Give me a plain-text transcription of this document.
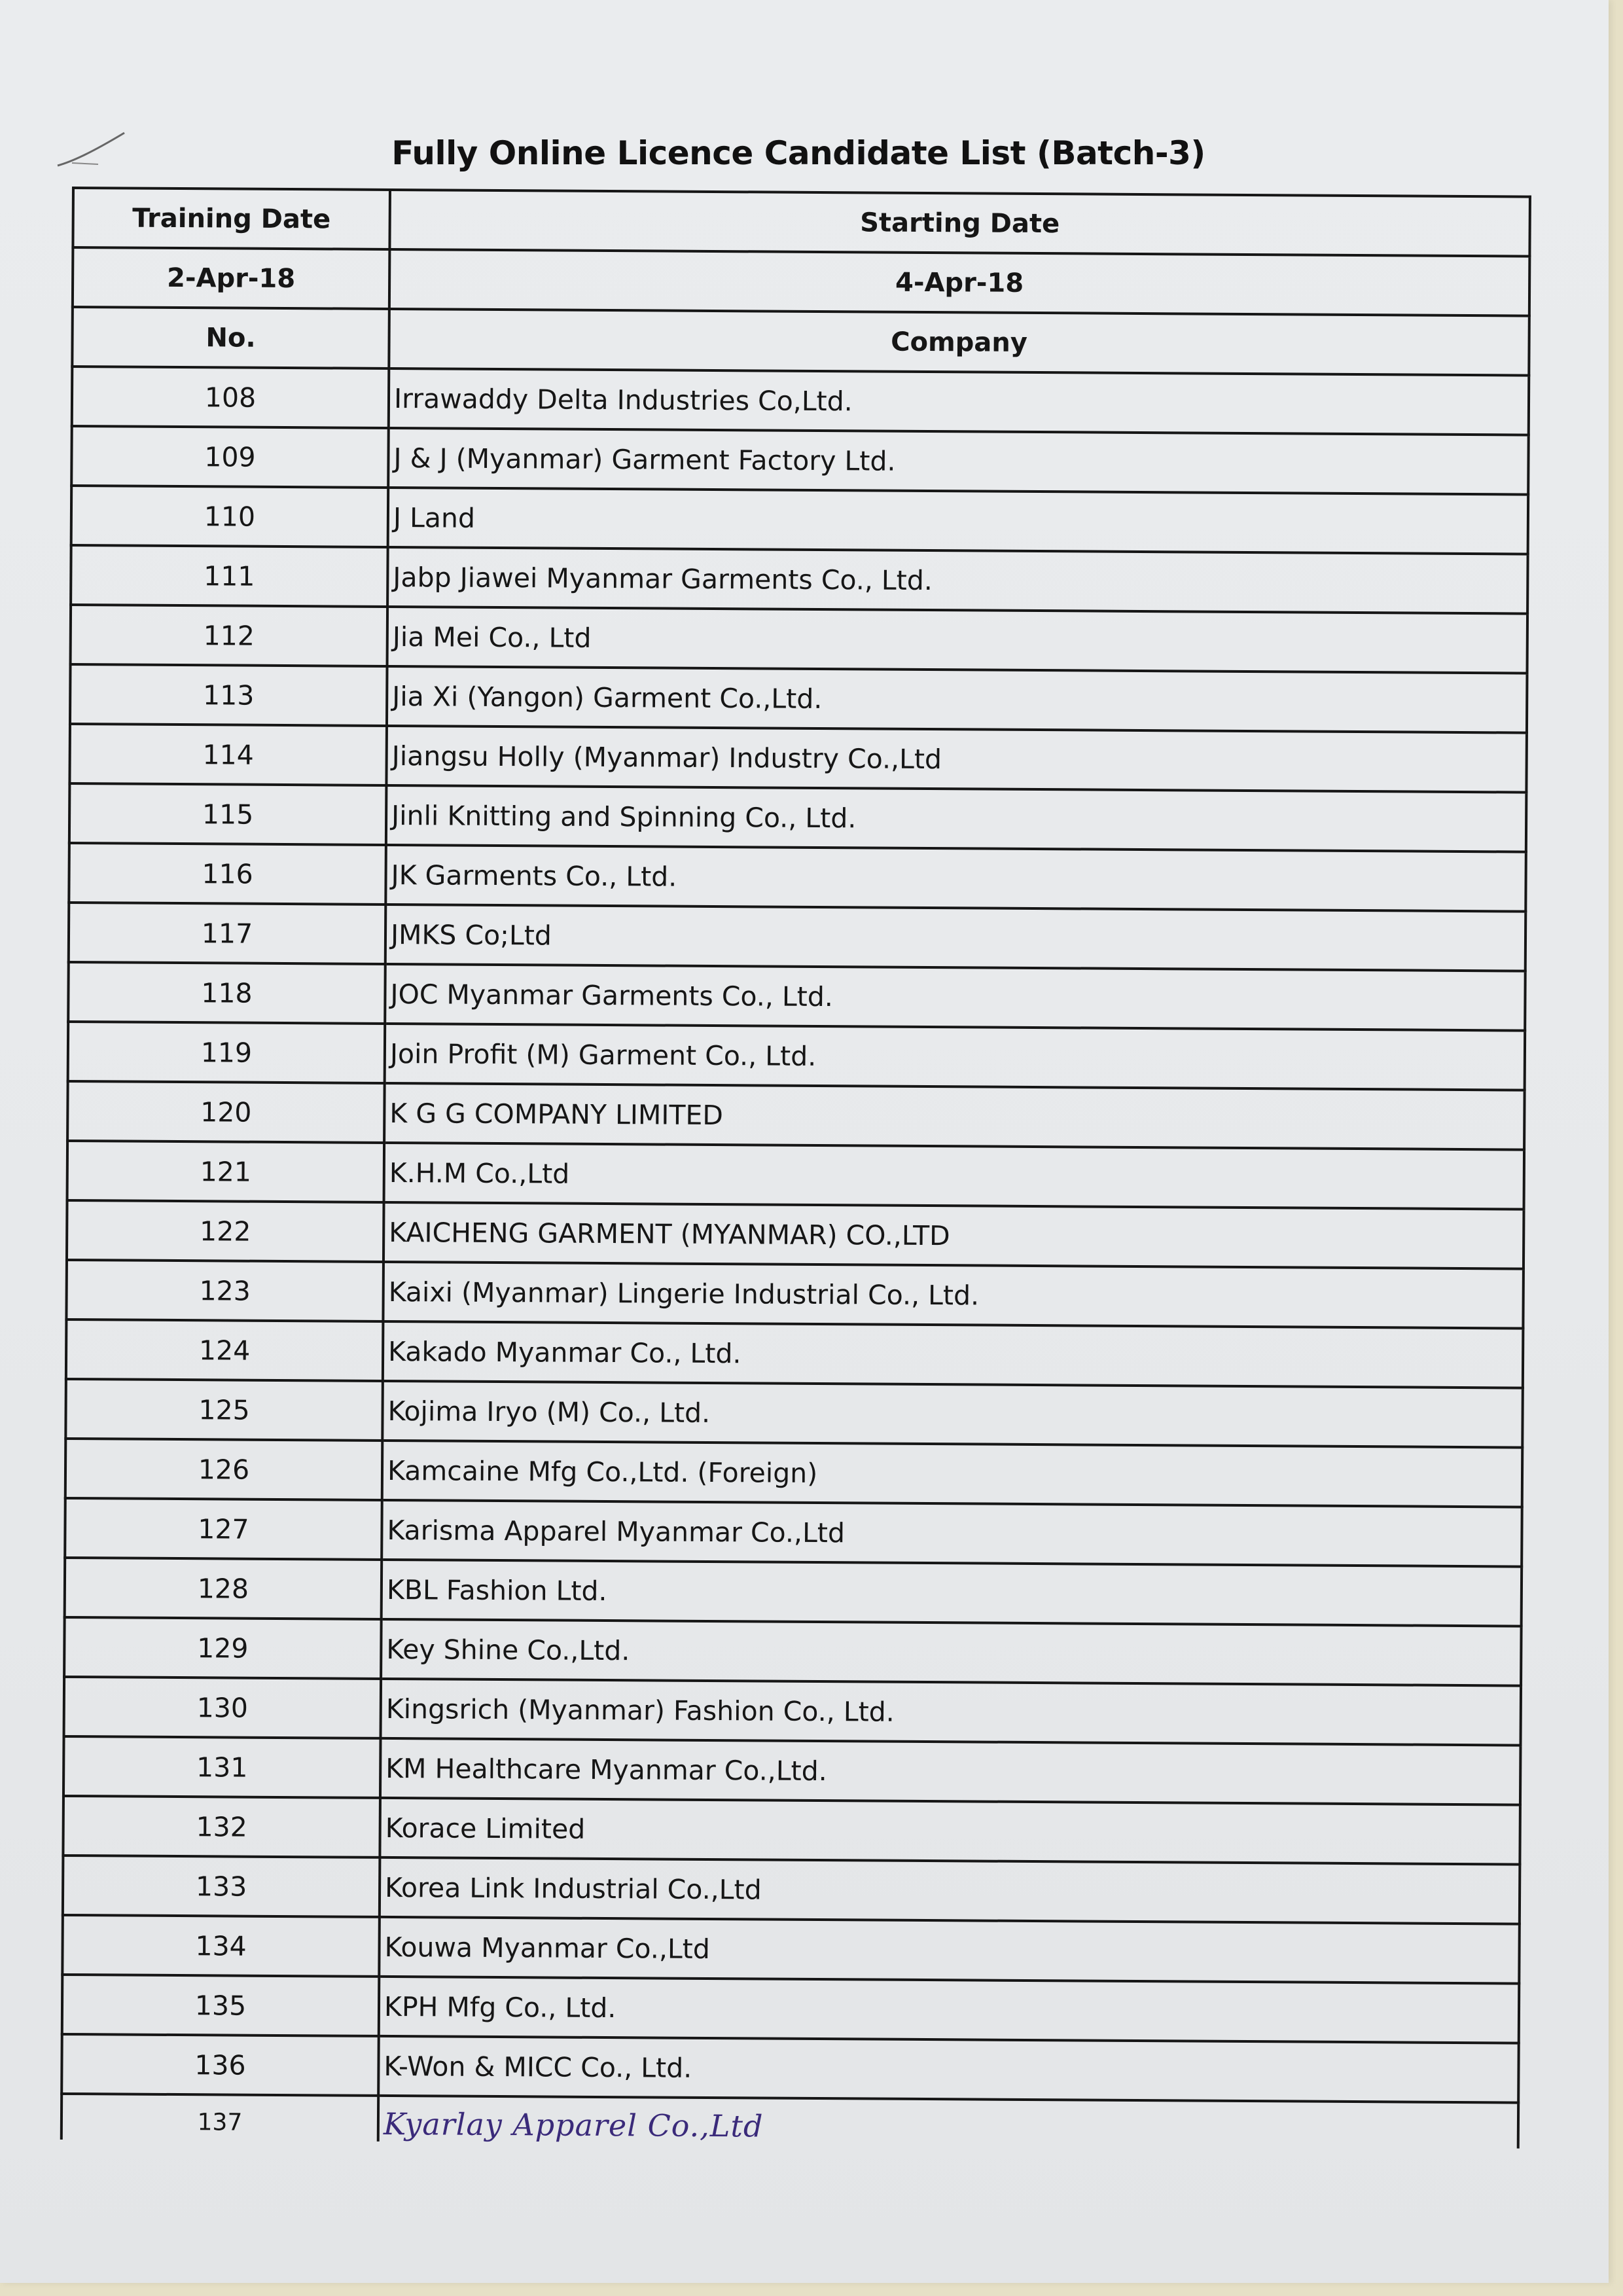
Fully Online Licence Candidate List (Batch-3)
Training Date	Starting Date
2-Apr-18	4-Apr-18
No.	Company
108	Irrawaddy Delta Industries Co,Ltd.
109	J & J (Myanmar) Garment Factory Ltd.
110	J Land
111	Jabp Jiawei Myanmar Garments Co., Ltd.
112	Jia Mei Co., Ltd
113	Jia Xi (Yangon) Garment Co.,Ltd.
114	Jiangsu Holly (Myanmar) Industry Co.,Ltd
115	Jinli Knitting and Spinning Co., Ltd.
116	JK Garments Co., Ltd.
117	JMKS Co;Ltd
118	JOC Myanmar Garments Co., Ltd.
119	Join Profit (M) Garment Co., Ltd.
120	K G G COMPANY LIMITED
121	K.H.M Co.,Ltd
122	KAICHENG GARMENT (MYANMAR) CO.,LTD
123	Kaixi (Myanmar) Lingerie Industrial Co., Ltd.
124	Kakado Myanmar Co., Ltd.
125	Kojima Iryo (M) Co., Ltd.
126	Kamcaine Mfg Co.,Ltd. (Foreign)
127	Karisma Apparel Myanmar Co.,Ltd
128	KBL Fashion Ltd.
129	Key Shine Co.,Ltd.
130	Kingsrich (Myanmar) Fashion Co., Ltd.
131	KM Healthcare Myanmar Co.,Ltd.
132	Korace Limited
133	Korea Link Industrial Co.,Ltd
134	Kouwa Myanmar Co.,Ltd
135	KPH Mfg Co., Ltd.
136	K-Won & MICC Co., Ltd.
137	Kyarlay Apparel Co.,Ltd
